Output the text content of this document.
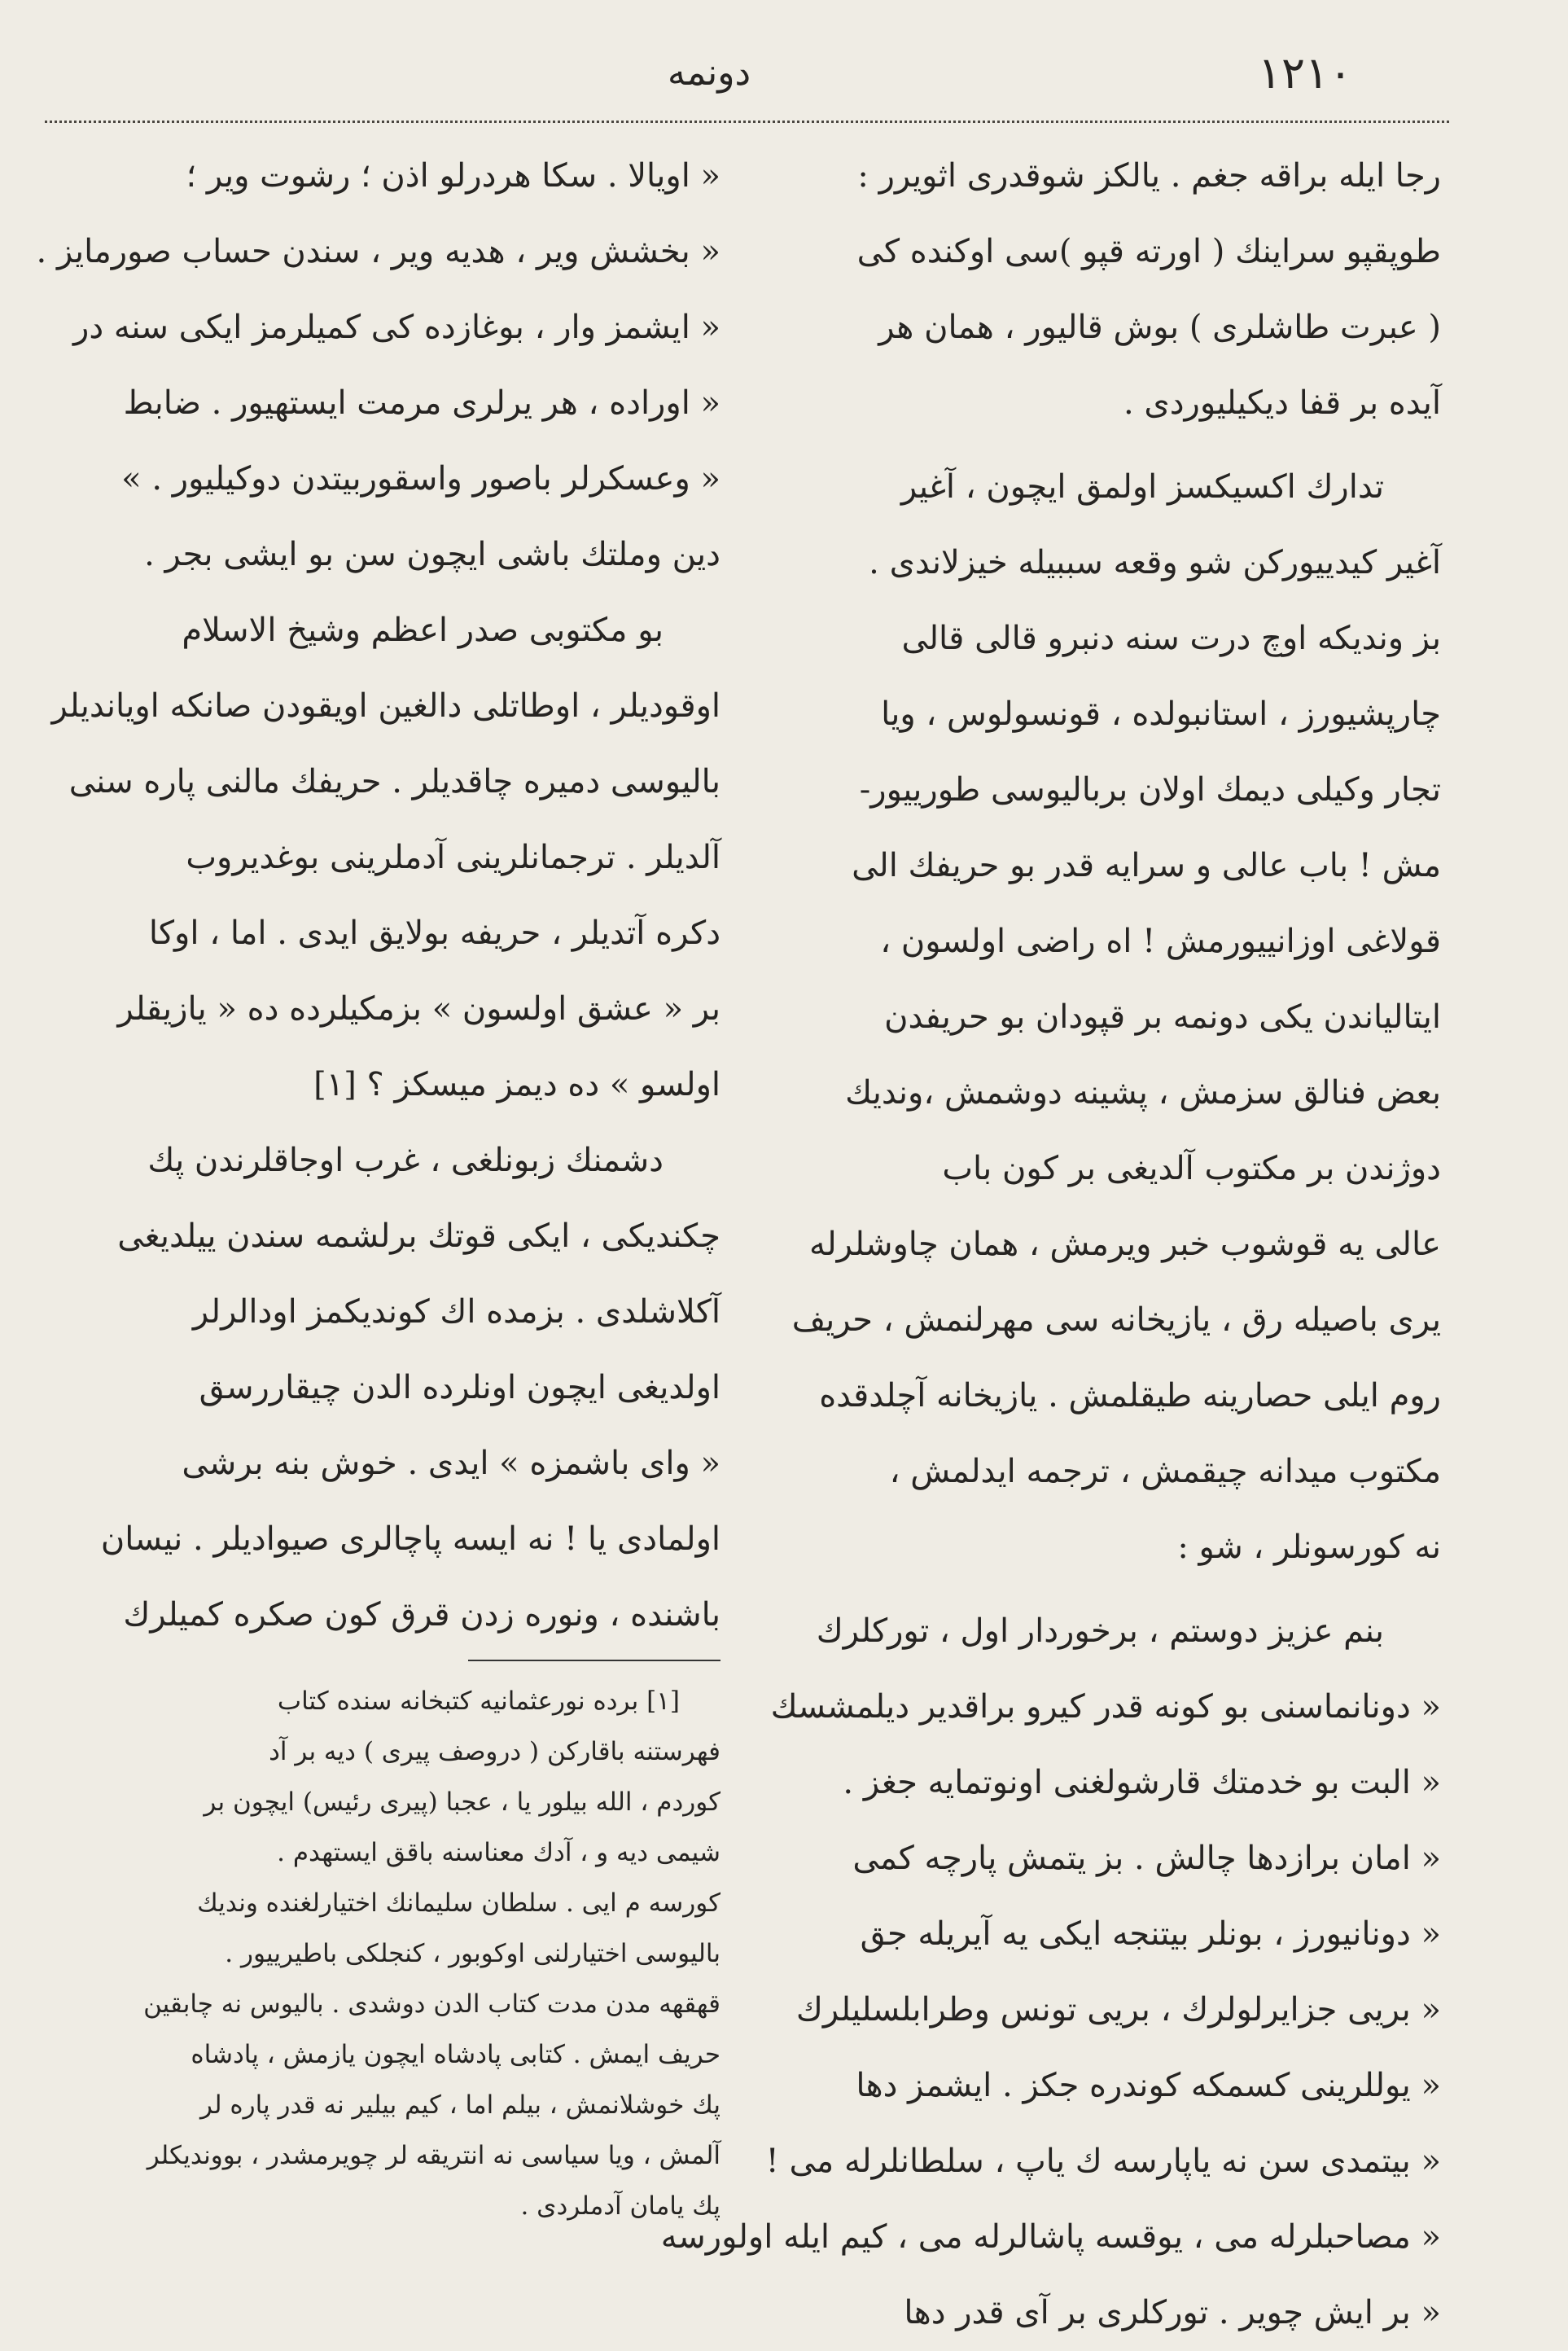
١٢١٠
دونمه
رجا ایله براقه جغم . یالکز شوقدری اثویرر :
طوپقپو سراینك ( اورته قپو )سی اوکنده کی
( عبرت طاشلری ) بوش قالیور ، همان هر
آیده بر قفا دیکیلیوردی .
تدارك اکسیکسز اولمق ایچون ، آغیر
آغیر کیدییورکن شو وقعه سببیله خیزلاندی .
بز ونديكه اوچ درت سنه دنبرو قالی قالی
چارپشیورز ، استانبولده ، قونسولوس ، ویا
تجار وکیلی دیمك اولان برباليوسی طوریيور-
مش ! باب عالی و سرایه قدر بو حریفك الی
قولاغی اوزانییورمش ! اه راضی اولسون ،
ایتالیاندن یکی دونمه بر قپودان بو حریفدن
بعض فنالق سزمش ، پشینه دوشمش ،وندیك
دوژندن بر مکتوب آلدیغی بر کون باب
عالی یه قوشوب خبر ویرمش ، همان چاوشلرله
یری باصیله رق ، یازیخانه سی مهرلنمش ، حریف
روم ایلی حصارینه طیقلمش . یازیخانه آچلدقده
مکتوب میدانه چیقمش ، ترجمه ایدلمش ،
نه کورسونلر ، شو :
بنم عزیز دوستم ، برخوردار اول ، تورکلرك
« دونانماسنی بو کونه قدر کیرو براقدیر دیلمشسك
« البت بو خدمتك قارشولغنی اونوتمایه جغز .
« امان برازدها چالش . بز یتمش پارچه کمی
« دونانیورز ، بونلر بیتنجه ایکی یه آیریله جق
« بریی جزایرلولرك ، بریی تونس وطرابلسلیلرك
« یوللرینی کسمکه کوندره جکز . ایشمز دها
« بیتمدی سن نه یاپارسه ك یاپ ، سلطانلرله می !
« مصاحبلرله می ، یوقسه پاشالرله می ، کیم ایله اولورسه
« بر ایش چویر . تورکلری بر آی قدر دها
« اویالا . سکا هردرلو اذن ؛ رشوت ویر ؛
« بخشش ویر ، هدیه ویر ، سندن حساب صورمایز .
« ایشمز وار ، بوغازده کی کمیلرمز ایکی سنه در
« اوراده ، هر یرلری مرمت ایستهیور . ضابط
« وعسکرلر باصور واسقوربيتدن دوكيليور . »
دین وملتك باشی ایچون سن بو ایشی بجر .
بو مکتوبی صدر اعظم وشیخ الاسلام
اوقودیلر ، اوطاتلی دالغین اویقودن صانکه اویاندیلر
بالیوسی دمیره چاقدیلر . حریفك مالنی پاره سنی
آلدیلر . ترجمانلرینی آدملرینی بوغدیروب
دکره آتدیلر ، حریفه بولایق ایدی . اما ، اوکا
بر « عشق اولسون » بزمکیلرده ده « یازیقلر
اولسو » ده دیمز میسکز ؟ [١]
دشمنك زبونلغی ، غرب اوجاقلرندن پك
چکندیکی ، ایکی قوتك برلشمه سندن ییلدیغی
آکلاشلدی . بزمده اك کوندیکمز اودالرلر
اولدیغی ایچون اونلرده الدن چیقاررسق
« وای باشمزه » ایدی . خوش بنه برشی
اولمادی یا ! نه ایسه پاچالری صیوادیلر . نیسان
باشنده ، ونوره زدن قرق کون صکره کمیلرك
[١] برده نورعثمانیه کتبخانه سنده کتاب
فهرستنه باقارکن ( دروصف پیری ) دیه بر آد
کوردم ، الله بیلور یا ، عجبا (پیری رئیس) ایچون بر
شیمی دیه و ، آدك معناسنه باقق ایستهدم .
کورسه م ایی . سلطان سلیمانك اختیارلغنده وندیك
بالیوسی اختیارلنی اوکوبور ، کنجلکی باطیرییور .
قهقهه مدن مدت کتاب الدن دوشدی . بالیوس نه چابقین
حریف ایمش . کتابی پادشاه ایچون یازمش ، پادشاه
پك خوشلانمش ، بیلم اما ، کیم بیلیر نه قدر پاره لر
آلمش ، ویا سیاسی نه انتریقه لر چویرمشدر ، بوونديكلر
پك یامان آدملردی .
